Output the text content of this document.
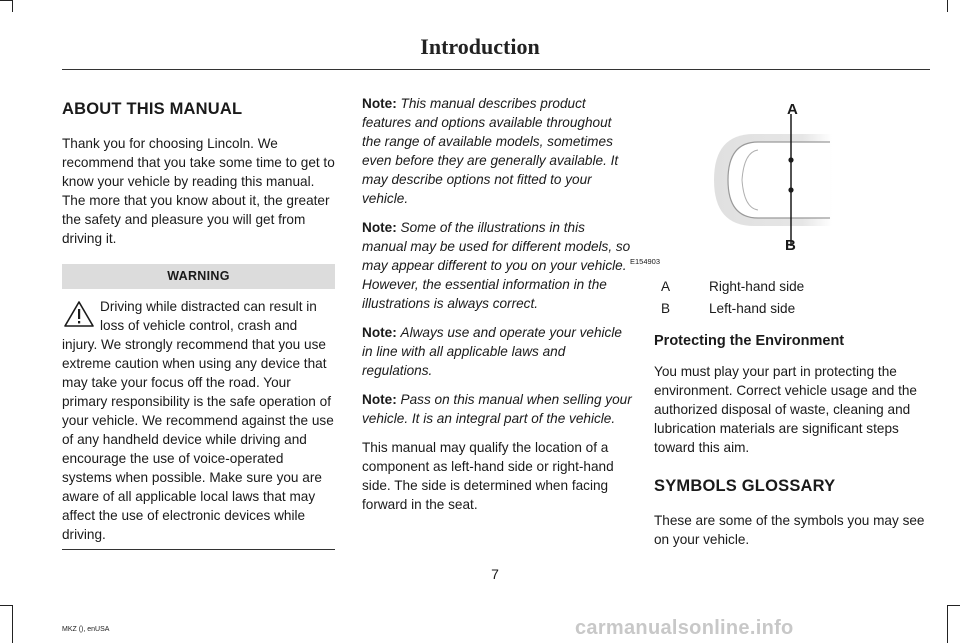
Introduction
ABOUT THIS MANUAL

Thank you for choosing Lincoln. We recommend that you take some time to get to know your vehicle by reading this manual. The more that you know about it, the greater the safety and pleasure you will get from driving it.

WARNING
Driving while distracted can result in loss of vehicle control, crash and injury. We strongly recommend that you use extreme caution when using any device that may take your focus off the road. Your primary responsibility is the safe operation of your vehicle. We recommend against the use of any handheld device while driving and encourage the use of voice-operated systems when possible. Make sure you are aware of all applicable local laws that may affect the use of electronic devices while driving.

Note: This manual describes product features and options available throughout the range of available models, sometimes even before they are generally available. It may describe options not fitted to your vehicle.

Note: Some of the illustrations in this manual may be used for different models, so may appear different to you on your vehicle. However, the essential information in the illustrations is always correct.

Note: Always use and operate your vehicle in line with all applicable laws and regulations.

Note: Pass on this manual when selling your vehicle. It is an integral part of the vehicle.

This manual may qualify the location of a component as left-hand side or right-hand side. The side is determined when facing forward in the seat.

A
B
E154903
A	Right-hand side
B	Left-hand side
Protecting the Environment

You must play your part in protecting the environment. Correct vehicle usage and the authorized disposal of waste, cleaning and lubrication materials are significant steps toward this aim.

SYMBOLS GLOSSARY

These are some of the symbols you may see on your vehicle.

7
MKZ (), enUSA	carmanualsonline.info
